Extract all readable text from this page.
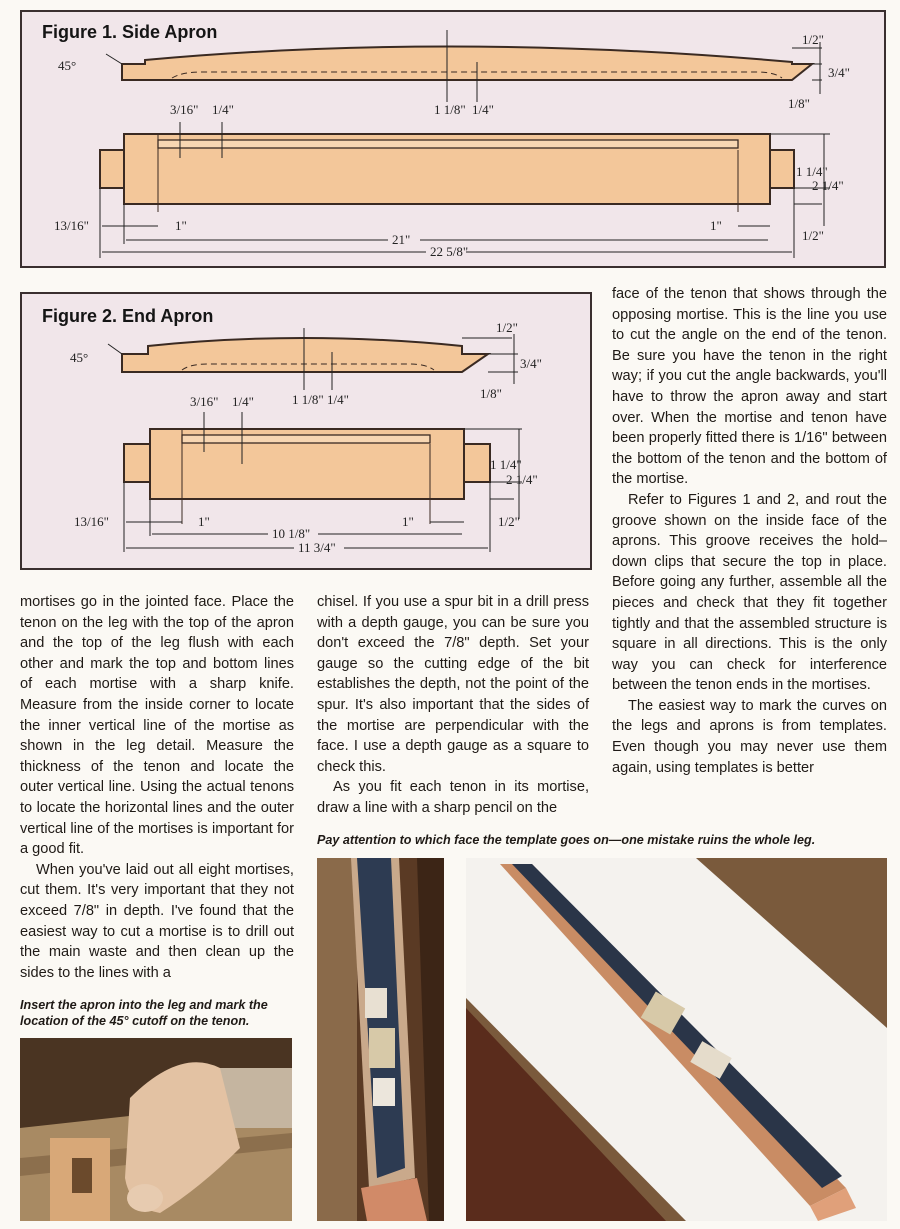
Figure 1. Side Apron
45°
1 1/8" 1/4"
1/2"
3/4"
1/8"
3/16" 1/4"
1 1/4"
2 1/4"
1/2"
13/16"	1"	1"
21"
22 5/8"
Figure 2. End Apron
45°
1 1/8" 1/4"
1/2"
3/4"
1/8"
3/16" 1/4"
1 1/4"
2 1/4"
1/2"
13/16"	1"	1"
10 1/8"
11 3/4"

mortises go in the jointed face. Place the tenon on the leg with the top of the apron and the top of the leg flush with each other and mark the top and bottom lines of each mortise with a sharp knife. Measure from the inside corner to locate the inner vertical line of the mortise as shown in the leg detail. Measure the thickness of the tenon and locate the outer vertical line. Using the actual tenons to locate the horizontal lines and the outer vertical line of the mortises is important for a good fit.

When you've laid out all eight mortises, cut them. It's very important that they not exceed 7/8" in depth. I've found that the easiest way to cut a mortise is to drill out the main waste and then clean up the sides to the lines with a

chisel. If you use a spur bit in a drill press with a depth gauge, you can be sure you don't exceed the 7/8" depth. Set your gauge so the cutting edge of the bit establishes the depth, not the point of the spur. It's also important that the sides of the mortise are perpendicular with the face. I use a depth gauge as a square to check this.

As you fit each tenon in its mortise, draw a line with a sharp pencil on the

face of the tenon that shows through the opposing mortise. This is the line you use to cut the angle on the end of the tenon. Be sure you have the tenon in the right way; if you cut the angle backwards, you'll have to throw the apron away and start over. When the mortise and tenon have been properly fitted there is 1/16" between the bottom of the tenon and the bottom of the mortise.

Refer to Figures 1 and 2, and rout the groove shown on the inside face of the aprons. This groove receives the hold–down clips that secure the top in place. Before going any further, assemble all the pieces and check that they fit together tightly and that the assembled structure is square in all directions. This is the only way you can check for interference between the tenon ends in the mortises.

The easiest way to mark the curves on the legs and aprons is from templates. Even though you may never use them again, using templates is better

Insert the apron into the leg and mark the location of the 45° cutoff on the tenon.
Pay attention to which face the template goes on—one mistake ruins the whole leg.
